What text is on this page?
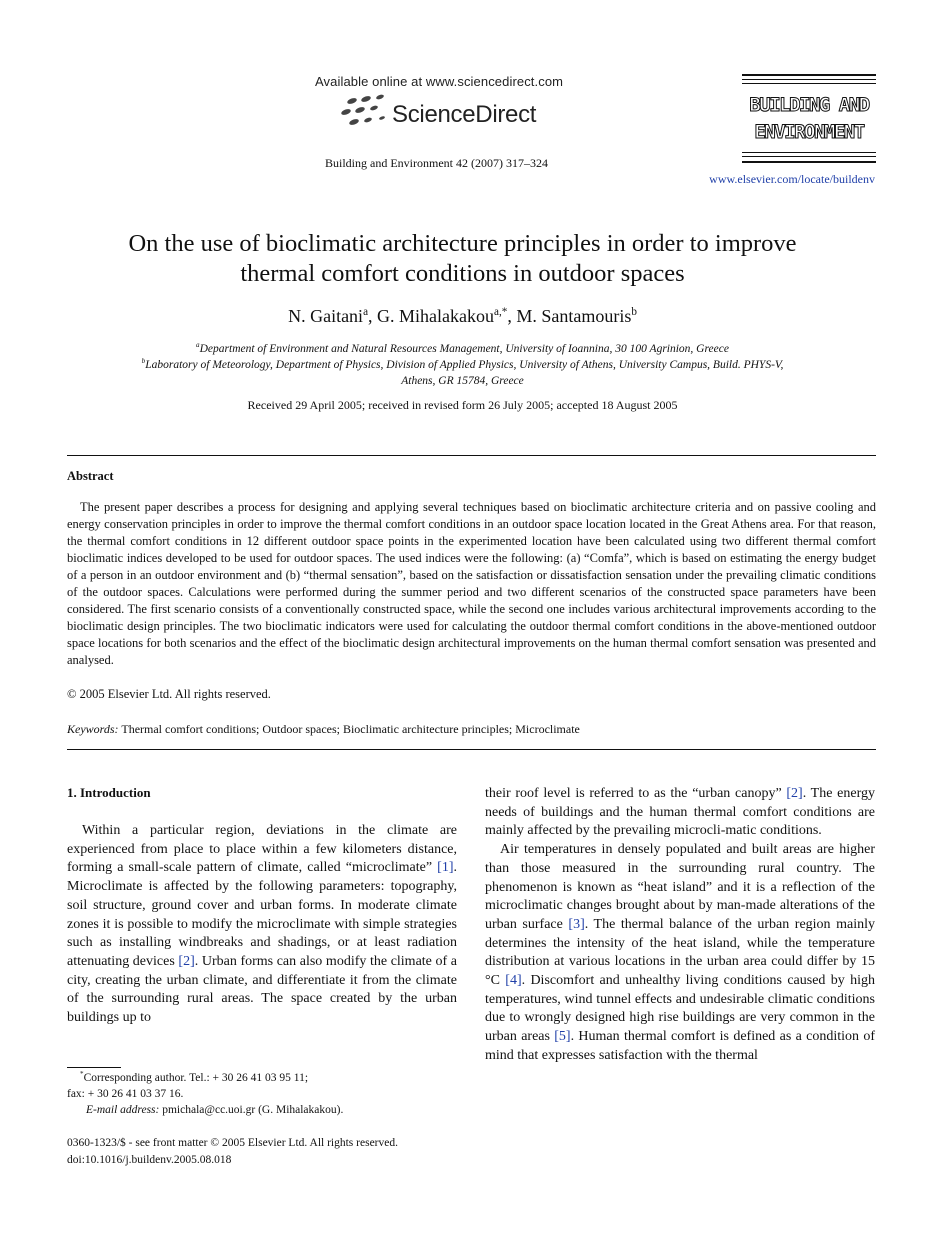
Available online at www.sciencedirect.com
ScienceDirect
Building and Environment 42 (2007) 317–324
BUILDING AND
ENVIRONMENT
www.elsevier.com/locate/buildenv
On the use of bioclimatic architecture principles in order to improve
thermal comfort conditions in outdoor spaces
N. Gaitani$^a$, G. Mihalakakou$^{a,*}$, M. Santamouris$^b$
$^a$Department of Environment and Natural Resources Management, University of Ioannina, 30 100 Agrinion, Greece
$^b$Laboratory of Meteorology, Department of Physics, Division of Applied Physics, University of Athens, University Campus, Build. PHYS-V,
Athens, GR 15784, Greece
Received 29 April 2005; received in revised form 26 July 2005; accepted 18 August 2005
Abstract
The present paper describes a process for designing and applying several techniques based on bioclimatic architecture criteria and on passive cooling and energy conservation principles in order to improve the thermal comfort conditions in an outdoor space location located in the Great Athens area. For that reason, the thermal comfort conditions in 12 different outdoor space points in the experimented location have been calculated using two different thermal comfort bioclimatic indices developed to be used for outdoor spaces. The used indices were the following: (a) “Comfa”, which is based on estimating the energy budget of a person in an outdoor environment and (b) “thermal sensation”, based on the satisfaction or dissatisfaction sensation under the prevailing climatic conditions of the outdoor spaces. Calculations were performed during the summer period and two different scenarios of the constructed space parameters have been considered. The first scenario consists of a conventionally constructed space, while the second one includes various architectural improvements according to the bioclimatic design principles. The two bioclimatic indicators were used for calculating the outdoor thermal comfort conditions in the above-mentioned outdoor space locations for both scenarios and the effect of the bioclimatic design architectural improvements on the human thermal comfort sensation was presented and analysed.
© 2005 Elsevier Ltd. All rights reserved.
Keywords: Thermal comfort conditions; Outdoor spaces; Bioclimatic architecture principles; Microclimate
1. Introduction
Within a particular region, deviations in the climate are experienced from place to place within a few kilometers distance, forming a small-scale pattern of climate, called “microclimate” [1]. Microclimate is affected by the following parameters: topography, soil structure, ground cover and urban forms. In moderate climate zones it is possible to modify the microclimate with simple strategies such as installing windbreaks and shadings, or at least radiation attenuating devices [2]. Urban forms can also modify the climate of a city, creating the urban climate, and differentiate it from the climate of the surrounding rural areas. The space created by the urban buildings up to
their roof level is referred to as the “urban canopy” [2]. The energy needs of buildings and the human thermal comfort conditions are mainly affected by the prevailing microcli-matic conditions.
Air temperatures in densely populated and built areas are higher than those measured in the surrounding rural country. The phenomenon is known as “heat island” and it is a reflection of the microclimatic changes brought about by man-made alterations of the urban surface [3]. The thermal balance of the urban region mainly determines the intensity of the heat island, while the temperature distribution at various locations in the urban area could differ by 15 °C [4]. Discomfort and unhealthy living conditions caused by high temperatures, wind tunnel effects and undesirable climatic conditions due to wrongly designed high rise buildings are very common in the urban areas [5]. Human thermal comfort is defined as a condition of mind that expresses satisfaction with the thermal
*Corresponding author. Tel.: + 30 26 41 03 95 11;
fax: + 30 26 41 03 37 16.
E-mail address: pmichala@cc.uoi.gr (G. Mihalakakou).
0360-1323/$ - see front matter © 2005 Elsevier Ltd. All rights reserved.
doi:10.1016/j.buildenv.2005.08.018
